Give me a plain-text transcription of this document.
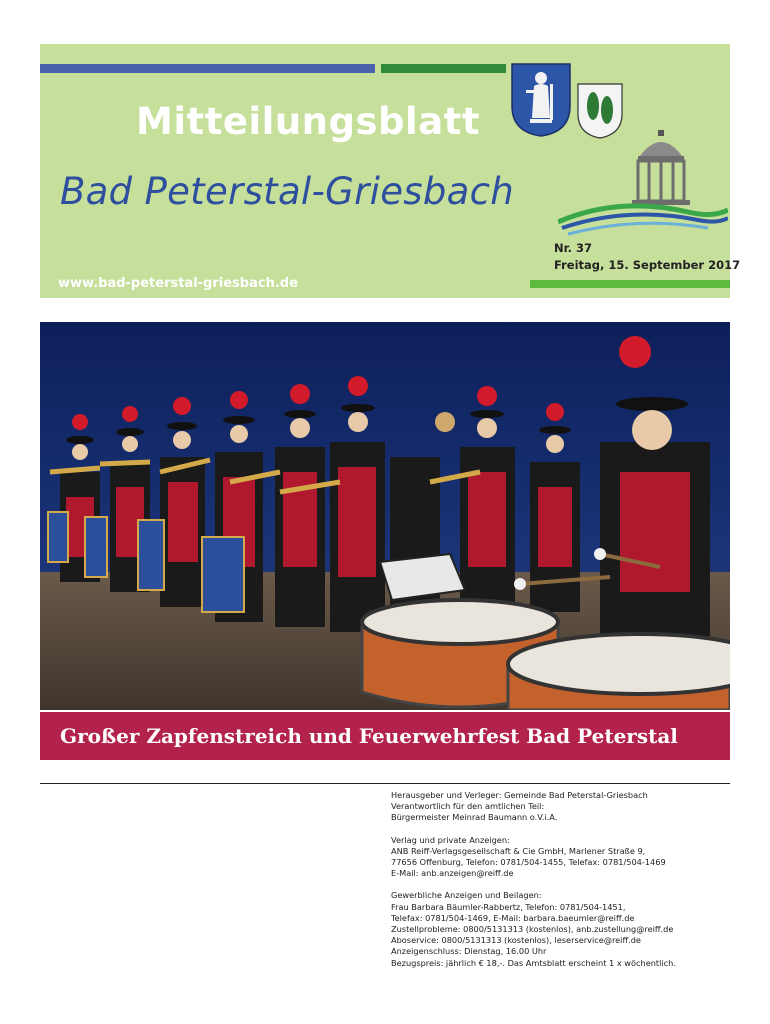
Mitteilungsblatt
Bad Peterstal-Griesbach
Nr. 37
Freitag, 15. September 2017
www.bad-peterstal-griesbach.de
Großer Zapfenstreich und Feuerwehrfest Bad Peterstal
Herausgeber und Verleger: Gemeinde Bad Peterstal-Griesbach
Verantwortlich für den amtlichen Teil:
Bürgermeister Meinrad Baumann o.V.i.A.
Verlag und private Anzeigen:
ANB Reiff-Verlagsgesellschaft & Cie GmbH, Marlener Straße 9,
77656 Offenburg, Telefon: 0781/504-1455, Telefax: 0781/504-1469
E-Mail: anb.anzeigen@reiff.de
Gewerbliche Anzeigen und Beilagen:
Frau Barbara Bäumler-Rabbertz, Telefon: 0781/504-1451,
Telefax: 0781/504-1469, E-Mail: barbara.baeumler@reiff.de
Zustellprobleme: 0800/5131313 (kostenlos), anb.zustellung@reiff.de
Aboservice: 0800/5131313 (kostenlos), leserservice@reiff.de
Anzeigenschluss: Dienstag, 16.00 Uhr
Bezugspreis: jährlich € 18,-. Das Amtsblatt erscheint 1 x wöchentlich.
